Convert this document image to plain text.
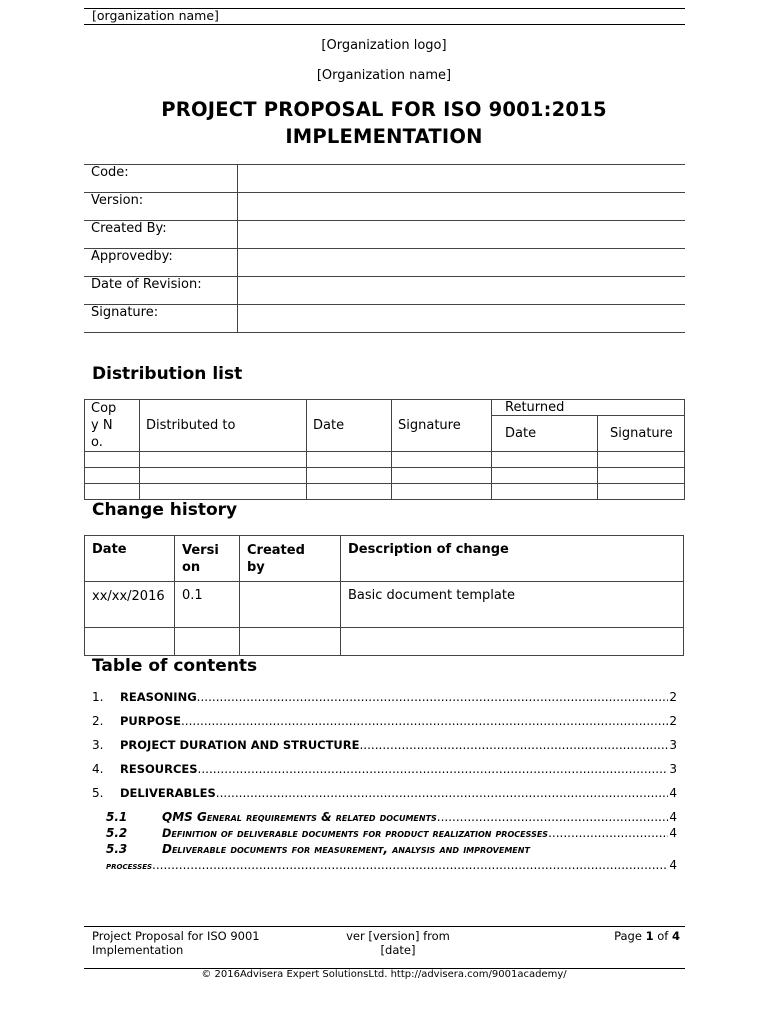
[organization name]
[Organization logo]
[Organization name]
PROJECT PROPOSAL FOR ISO 9001:2015
IMPLEMENTATION
Code:	
Version:	
Created By:	
Approvedby:	
Date of Revision:	
Signature:	
Distribution list
Copy No.	Distributed to	Date	Signature	Returned	
				Date	Signature

Change history
Date	Version	Created by	Description of change

xx/xx/2016	0.1		Basic document template

Table of contents
1.	REASONING .....	2
2.	PURPOSE .....	2
3.	PROJECT DURATION AND STRUCTURE .....	3
4.	RESOURCES .....	3
5.	DELIVERABLES .....	4
5.1	QMS General requirements & related documents .....	4
5.2	Definition of deliverable documents for product realization processes .....	4
5.3	Deliverable documents for measurement, analysis and improvement
processes .....	4
Project Proposal for ISO 9001
Implementation
ver [version] from
[date]
Page 1 of 4
© 2016Advisera Expert SolutionsLtd. http://advisera.com/9001academy/
